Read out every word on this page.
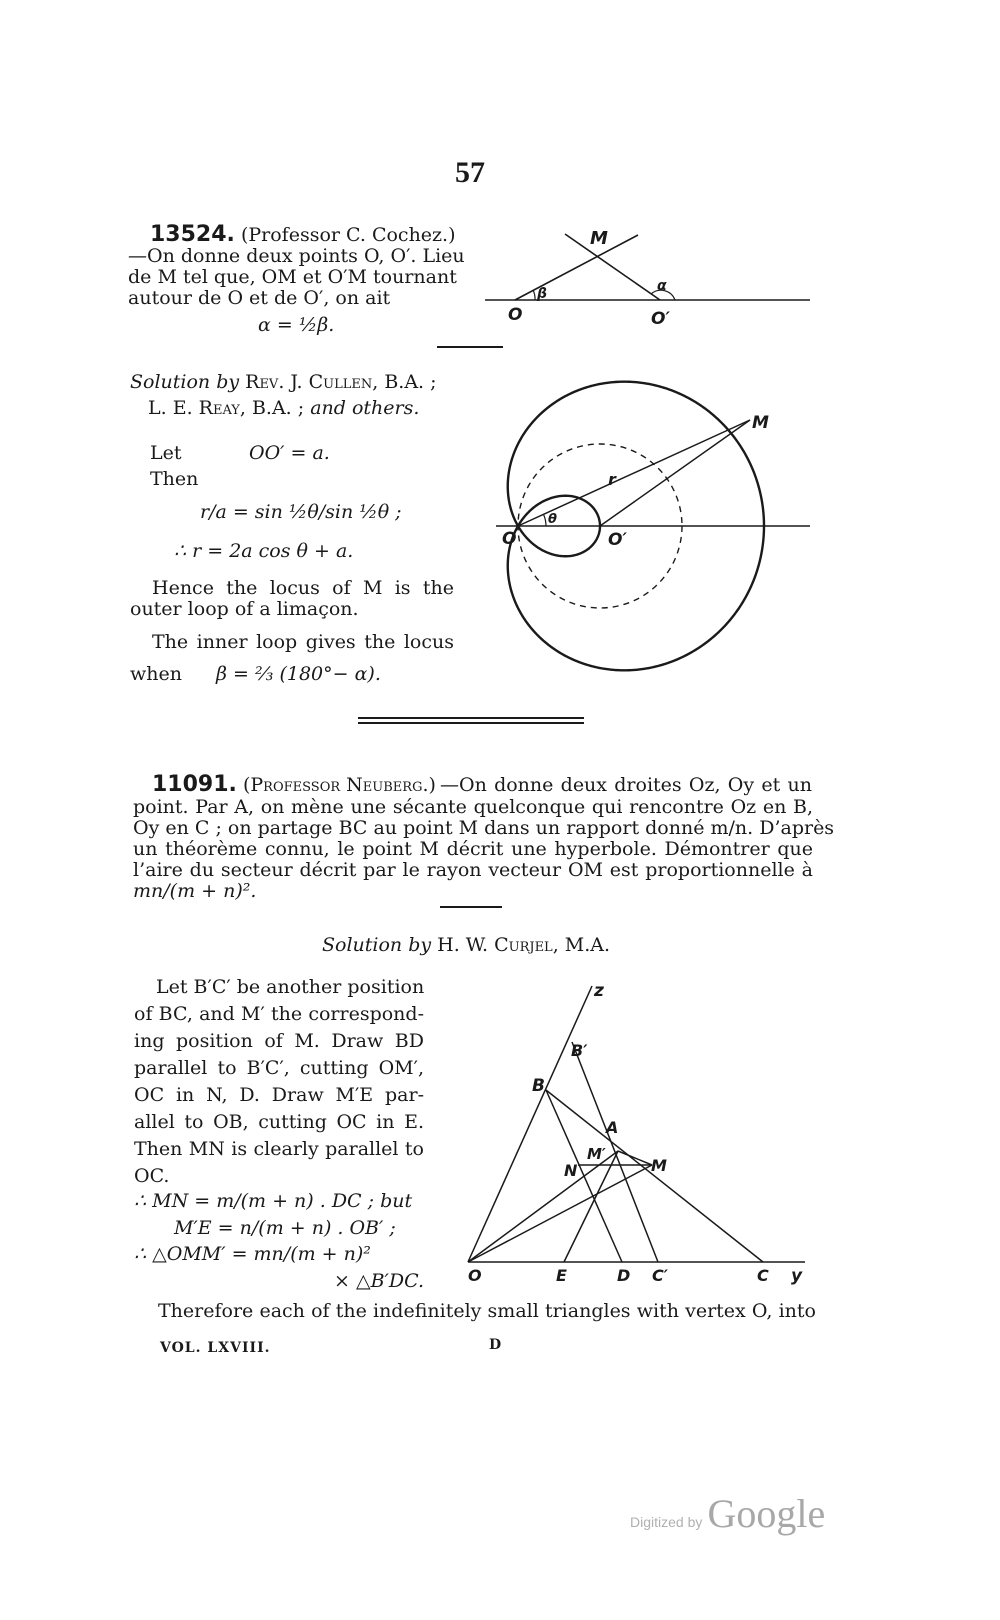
57
13524. (Professor C. Cochez.)
—On donne deux points O, O′. Lieu
de M tel que, OM et O′M tournant
autour de O et de O′, on ait
α = ½β.
M
O	O′
β	α
Solution by Rev. J. Cullen, B.A. ;
L. E. Reay, B.A. ; and others.
Let	OO′ = a.
Then
r/a = sin ½θ/sin ½θ ;
∴ r = 2a cos θ + a.
Hence the locus of M is the
outer loop of a limaçon.
The inner loop gives the locus
when β = ⅔ (180°− α).
M
r
θ
O	O′
11091. (Professor Neuberg.) —On donne deux droites Oz, Oy et un
point. Par A, on mène une sécante quelconque qui rencontre Oz en B,
Oy en C ; on partage BC au point M dans un rapport donné m/n. D’après
un théorème connu, le point M décrit une hyperbole. Démontrer que
l’aire du secteur décrit par le rayon vecteur OM est proportionnelle à
mn/(m + n)².
Solution by H. W. Curjel, M.A.
Let B′C′ be another position
of BC, and M′ the correspond-
ing position of M. Draw BD
parallel to B′C′, cutting OM′,
OC in N, D. Draw M′E par-
allel to OB, cutting OC in E.
Then MN is clearly parallel to
OC.
∴ MN = m/(m + n) . DC ; but
M′E = n/(m + n) . OB′ ;
∴ △OMM′ = mn/(m + n)²
× △B′DC.
z
B′
B
A
M′
N	M
O	E	D C′	C y
Therefore each of the indefinitely small triangles with vertex O, into
VOL. LXVIII.	D
Digitized by Google
